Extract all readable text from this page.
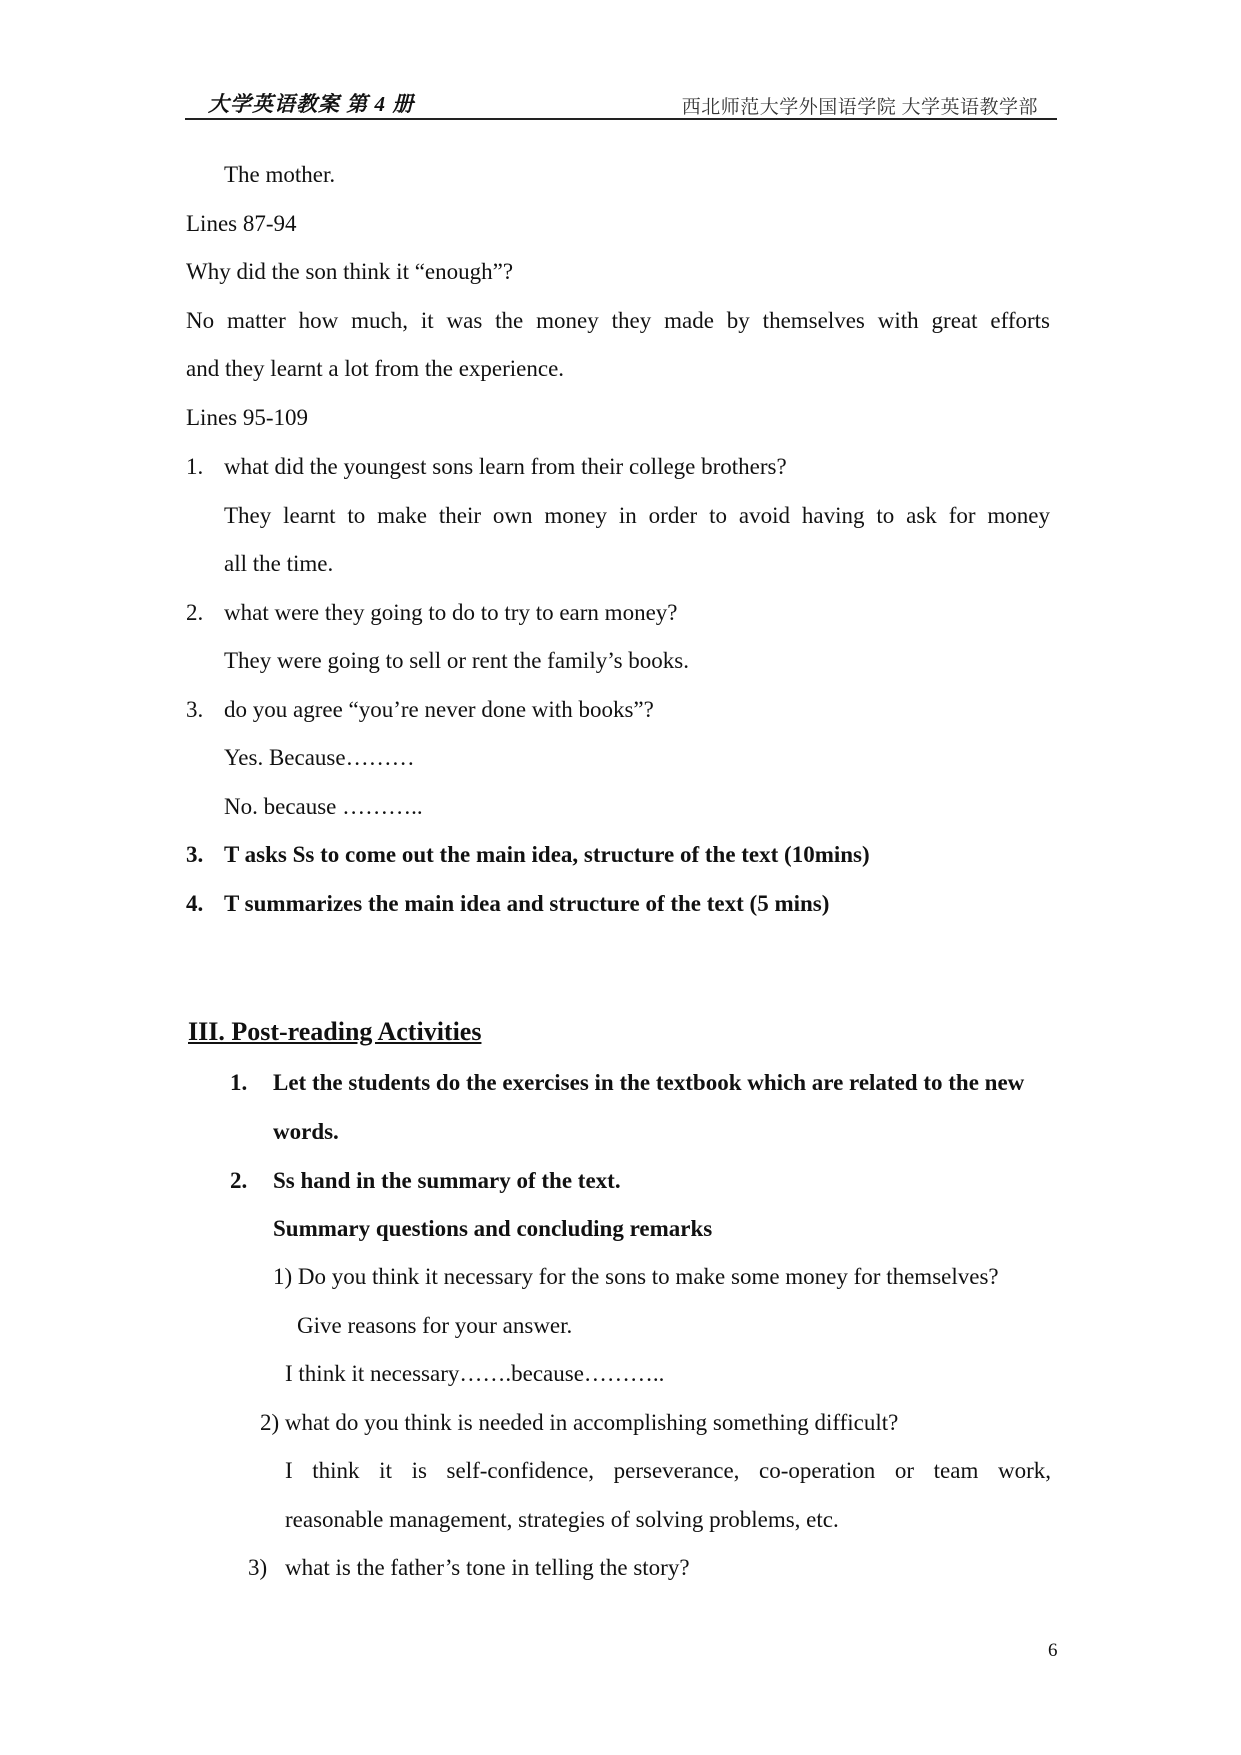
大学英语教案 第 4 册	西北师范大学外国语学院 大学英语教学部
The mother.
Lines 87-94
Why did the son think it “enough”?
No matter how much, it was the money they made by themselves with great efforts
and they learnt a lot from the experience.
Lines 95-109
1. what did the youngest sons learn from their college brothers?
They learnt to make their own money in order to avoid having to ask for money
all the time.
2. what were they going to do to try to earn money?
They were going to sell or rent the family’s books.
3. do you agree “you’re never done with books”?
Yes. Because………
No. because ………..
3. T asks Ss to come out the main idea, structure of the text (10mins)
4. T summarizes the main idea and structure of the text (5 mins)
III. Post-reading Activities
1. Let the students do the exercises in the textbook which are related to the new
words.
2. Ss hand in the summary of the text.
Summary questions and concluding remarks
1) Do you think it necessary for the sons to make some money for themselves?
Give reasons for your answer.
I think it necessary…….because………..
2) what do you think is needed in accomplishing something difficult?
I think it is self-confidence, perseverance, co-operation or team work,
reasonable management, strategies of solving problems, etc.
3) what is the father’s tone in telling the story?
6
